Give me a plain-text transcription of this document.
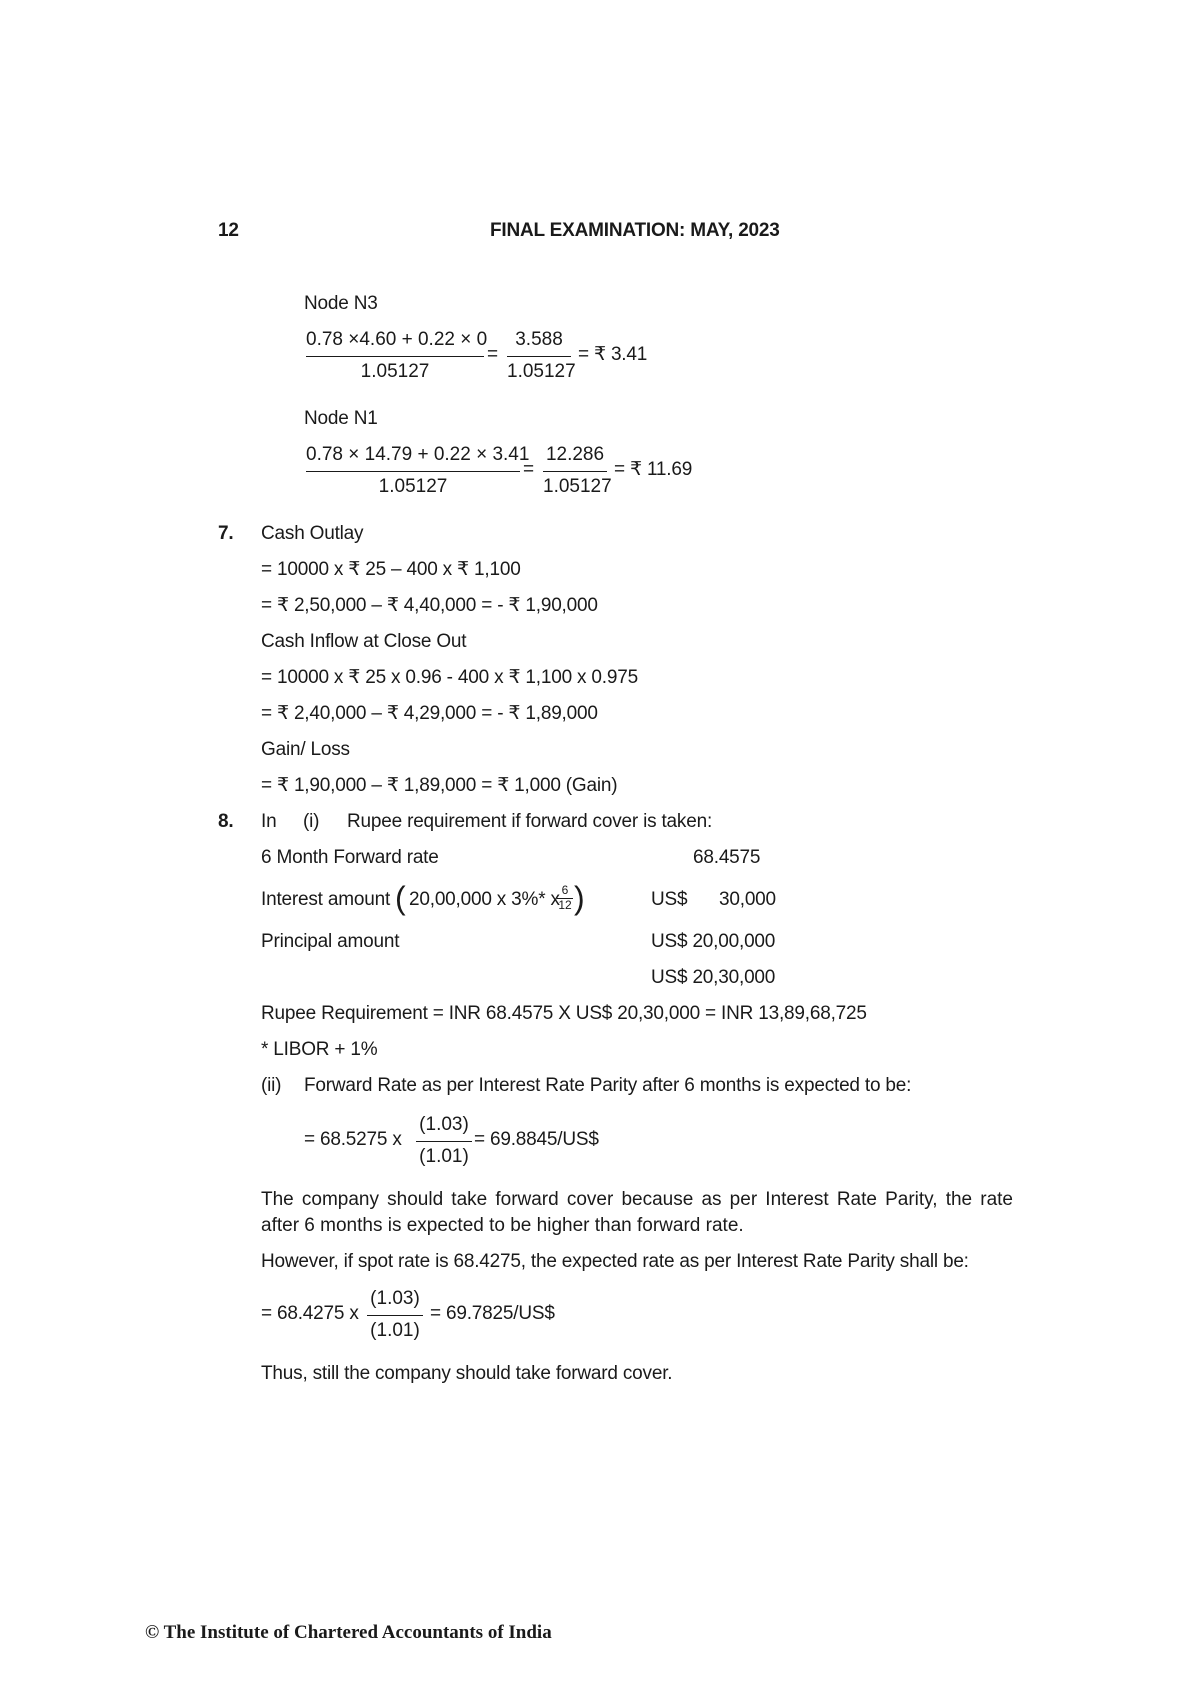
12	FINAL EXAMINATION: MAY, 2023
Node N3
0.78 ×4.60 + 0.22 × 0
1.05127
=
3.588
1.05127
= ₹ 3.41
Node N1
0.78 × 14.79 + 0.22 × 3.41
1.05127
=
12.286
1.05127
= ₹ 11.69
7. Cash Outlay
= 10000 x ₹ 25 – 400 x ₹ 1,100
= ₹ 2,50,000 – ₹ 4,40,000 = - ₹ 1,90,000
Cash Inflow at Close Out
= 10000 x ₹ 25 x 0.96 - 400 x ₹ 1,100 x 0.975
= ₹ 2,40,000 – ₹ 4,29,000 = - ₹ 1,89,000
Gain/ Loss
= ₹ 1,90,000 – ₹ 1,89,000 = ₹ 1,000 (Gain)
8. In (i) Rupee requirement if forward cover is taken:
6 Month Forward rate	68.4575
Interest amount ( 20,00,000 x 3%* x 6
12 )	US$ 30,000
Principal amount	US$ 20,00,000
US$ 20,30,000
Rupee Requirement = INR 68.4575 X US$ 20,30,000 = INR 13,89,68,725
* LIBOR + 1%
(ii) Forward Rate as per Interest Rate Parity after 6 months is expected to be:
= 68.5275 x
(1.03)
(1.01)
= 69.8845/US$
The company should take forward cover because as per Interest Rate Parity, the rate after 6 months is expected to be higher than forward rate.
However, if spot rate is 68.4275, the expected rate as per Interest Rate Parity shall be:
= 68.4275 x
(1.03)
(1.01)
= 69.7825/US$
Thus, still the company should take forward cover.
© The Institute of Chartered Accountants of India
